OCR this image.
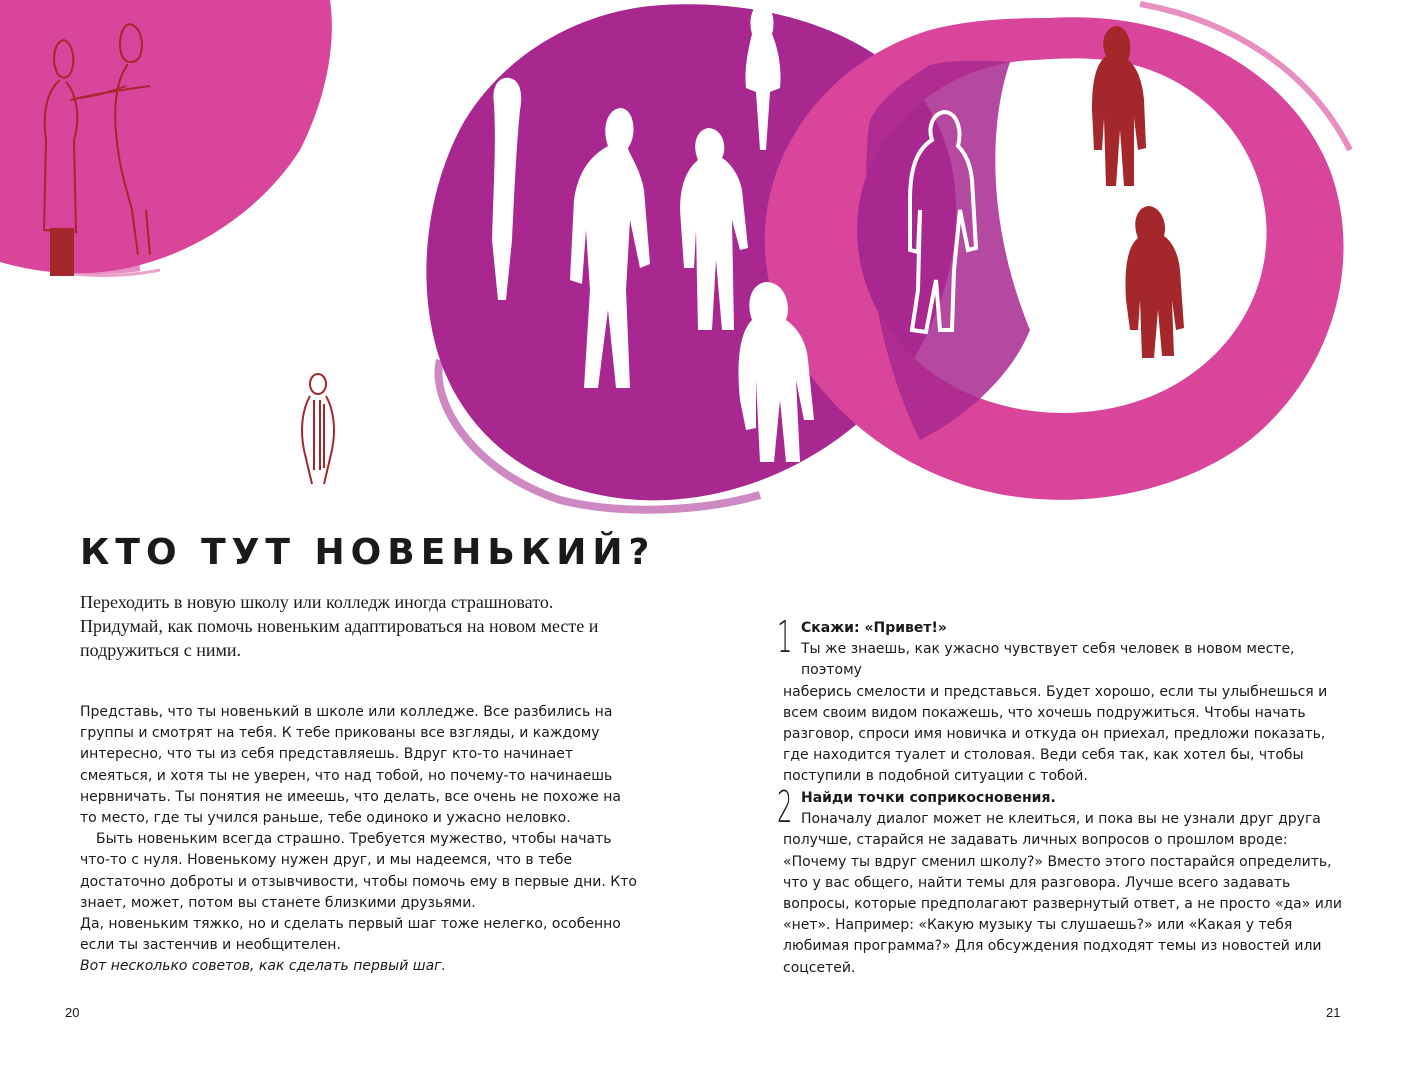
КТО ТУТ НОВЕНЬКИЙ?

Переходить в новую школу или колледж иногда страшновато. Придумай, как помочь новеньким адаптироваться на новом месте и подружиться с ними.

Представь, что ты новенький в школе или колледже. Все разбились на группы и смотрят на тебя. К тебе прикованы все взгляды, и каждому интересно, что ты из себя представляешь. Вдруг кто-то начинает смеяться, и хотя ты не уверен, что над тобой, но почему-то начинаешь нервничать. Ты понятия не имеешь, что делать, все очень не похоже на то место, где ты учился раньше, тебе одиноко и ужасно неловко.

Быть новеньким всегда страшно. Требуется мужество, чтобы начать что-то с нуля. Новенькому нужен друг, и мы надеемся, что в тебе достаточно доброты и отзывчивости, чтобы помочь ему в первые дни. Кто знает, может, потом вы станете близкими друзьями.

Да, новеньким тяжко, но и сделать первый шаг тоже нелегко, особенно если ты застенчив и необщителен.

Вот несколько советов, как сделать первый шаг.

1 Скажи: «Привет!»
Ты же знаешь, как ужасно чувствует себя человек в новом месте, поэтому
наберись смелости и представься. Будет хорошо, если ты улыбнешься и всем своим видом покажешь, что хочешь подружиться. Чтобы начать разговор, спроси имя новичка и откуда он приехал, предложи показать, где находится туалет и столовая. Веди себя так, как хотел бы, чтобы поступили в подобной ситуации с тобой.
2 Найди точки соприкосновения.
Поначалу диалог может не клеиться, и пока вы не узнали друг друга
получше, старайся не задавать личных вопросов о прошлом вроде: «Почему ты вдруг сменил школу?» Вместо этого постарайся определить, что у вас общего, найти темы для разговора. Лучше всего задавать вопросы, которые предполагают развернутый ответ, а не просто «да» или «нет». Например: «Какую музыку ты слушаешь?» или «Какая у тебя любимая программа?» Для обсуждения подходят темы из новостей или соцсетей.
20	21
